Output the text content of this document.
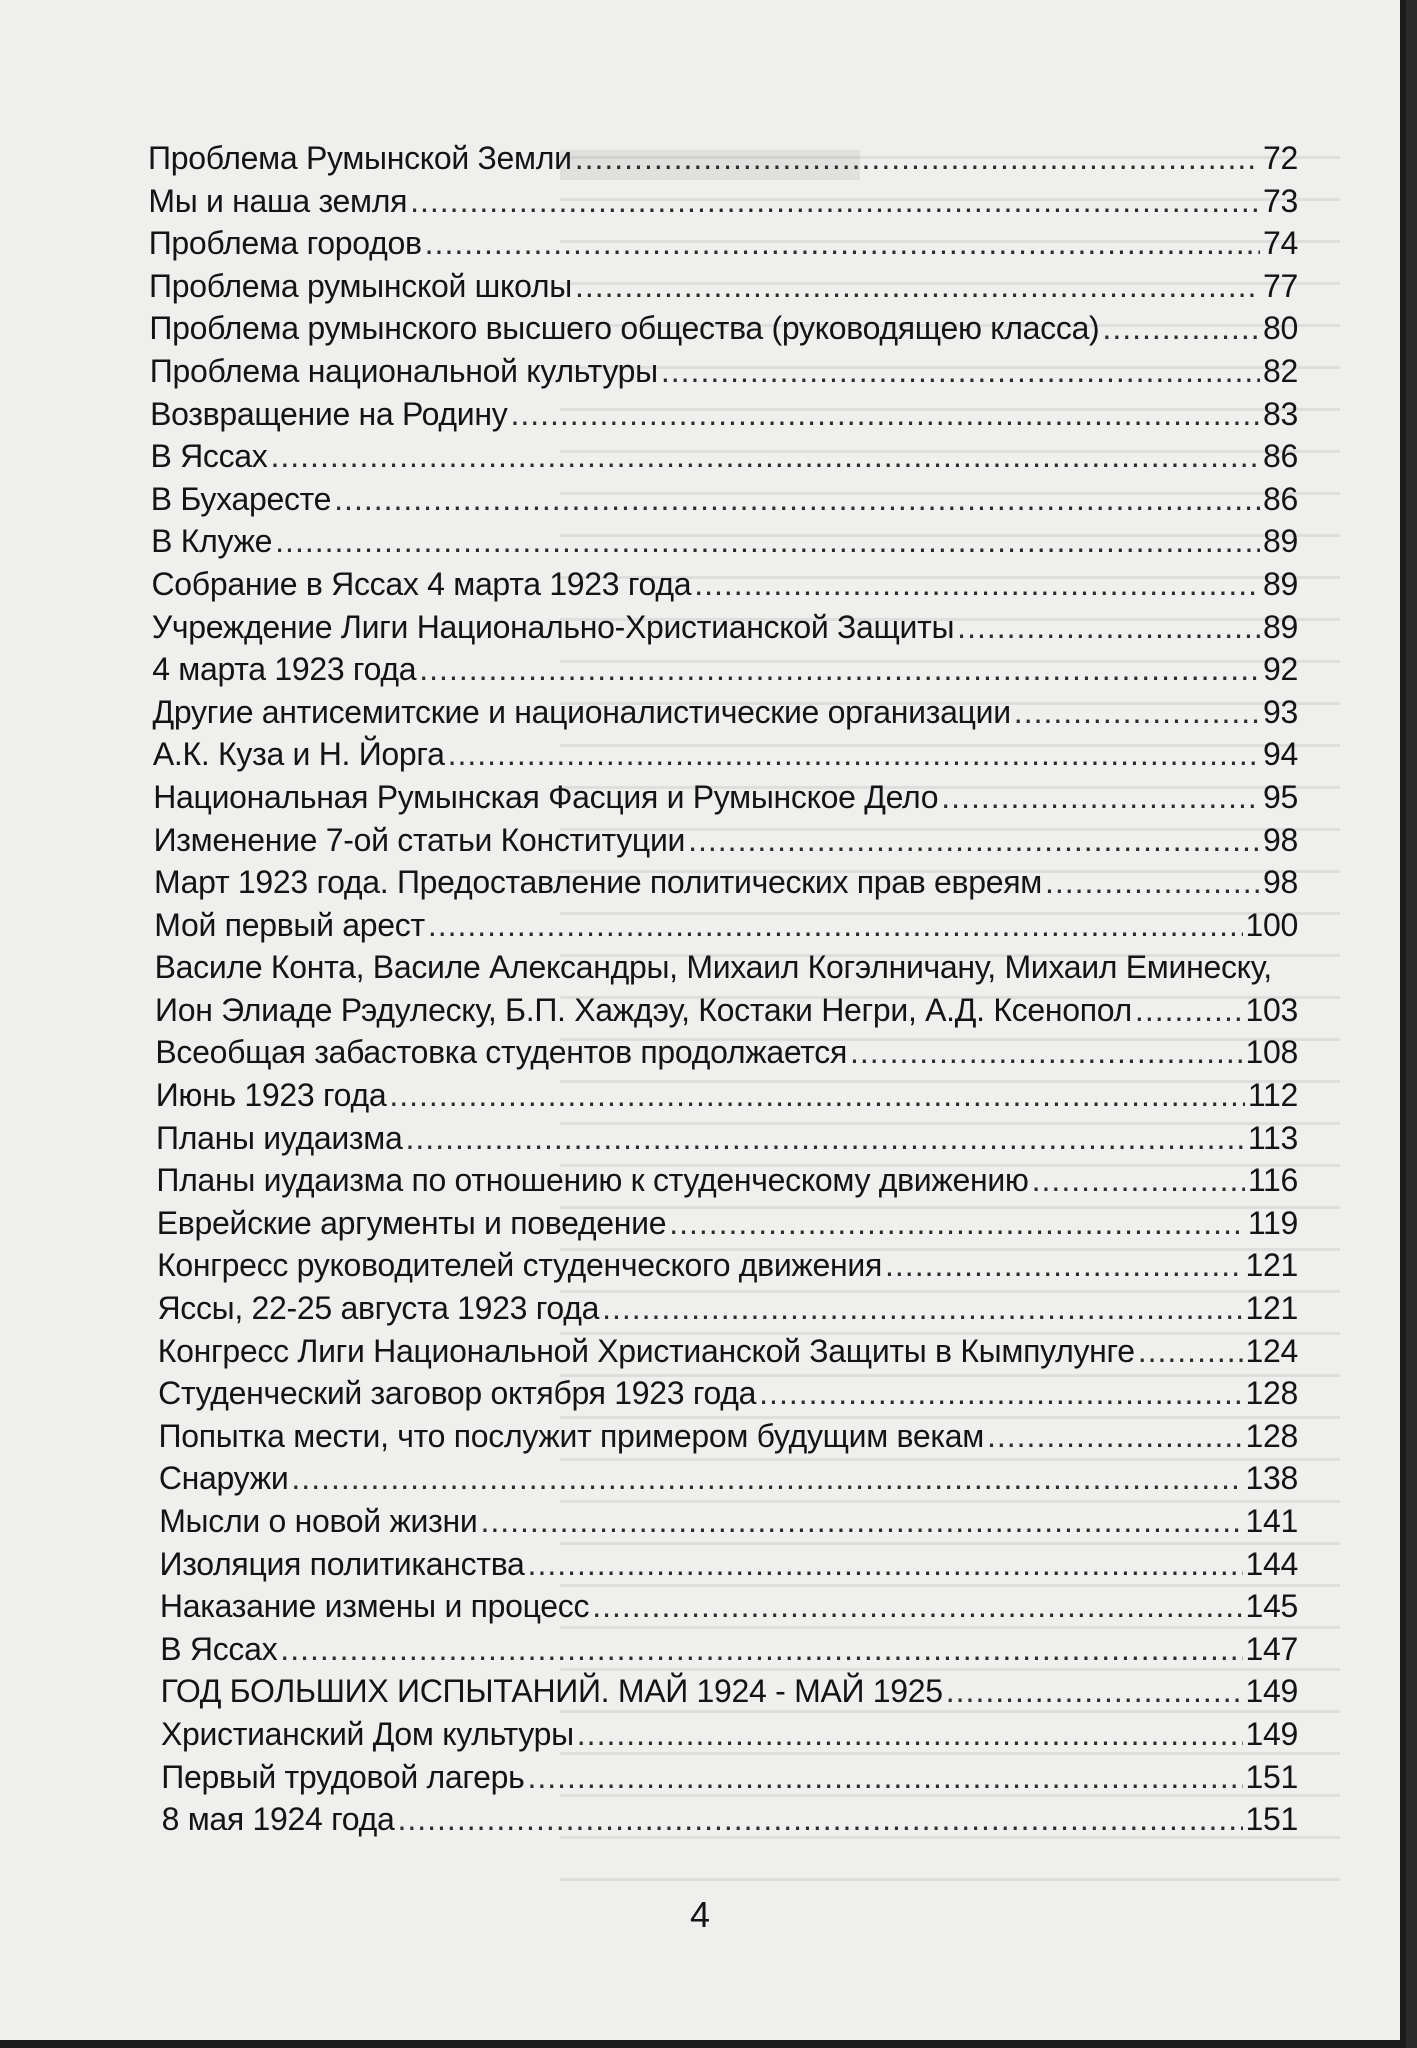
Проблема Румынской Земли .....	72
Мы и наша земля .....	73
Проблема городов .....	74
Проблема румынской школы .....	77
Проблема румынского высшего общества (руководящею класса) .....	80
Проблема национальной культуры .....	82
Возвращение на Родину .....	83
В Яссах .....	86
В Бухаресте .....	86
В Клуже .....	89
Собрание в Яссах 4 марта 1923 года .....	89
Учреждение Лиги Национально-Христианской Защиты .....	89
4 марта 1923 года .....	92
Другие антисемитские и националистические организации .....	93
А.К. Куза и Н. Йорга .....	94
Национальная Румынская Фасция и Румынское Дело .....	95
Изменение 7-ой статьи Конституции .....	98
Март 1923 года. Предоставление политических прав евреям .....	98
Мой первый арест .....	100
Василе Конта, Василе Александры, Михаил Когэлничану, Михаил Еминеску,
Ион Элиаде Рэдулеску, Б.П. Хаждэу, Костаки Негри, А.Д. Ксенопол .....	103
Всеобщая забастовка студентов продолжается .....	108
Июнь 1923 года .....	112
Планы иудаизма .....	113
Планы иудаизма по отношению к студенческому движению .....	116
Еврейские аргументы и поведение .....	119
Конгресс руководителей студенческого движения .....	121
Яссы, 22-25 августа 1923 года .....	121
Конгресс Лиги Национальной Христианской Защиты в Кымпулунге .....	124
Студенческий заговор октября 1923 года .....	128
Попытка мести, что послужит примером будущим векам .....	128
Снаружи .....	138
Мысли о новой жизни .....	141
Изоляция политиканства .....	144
Наказание измены и процесс .....	145
В Яссах .....	147
ГОД БОЛЬШИХ ИСПЫТАНИЙ. МАЙ 1924 - МАЙ 1925 .....	149
Христианский Дом культуры .....	149
Первый трудовой лагерь .....	151
8 мая 1924 года .....	151
4
